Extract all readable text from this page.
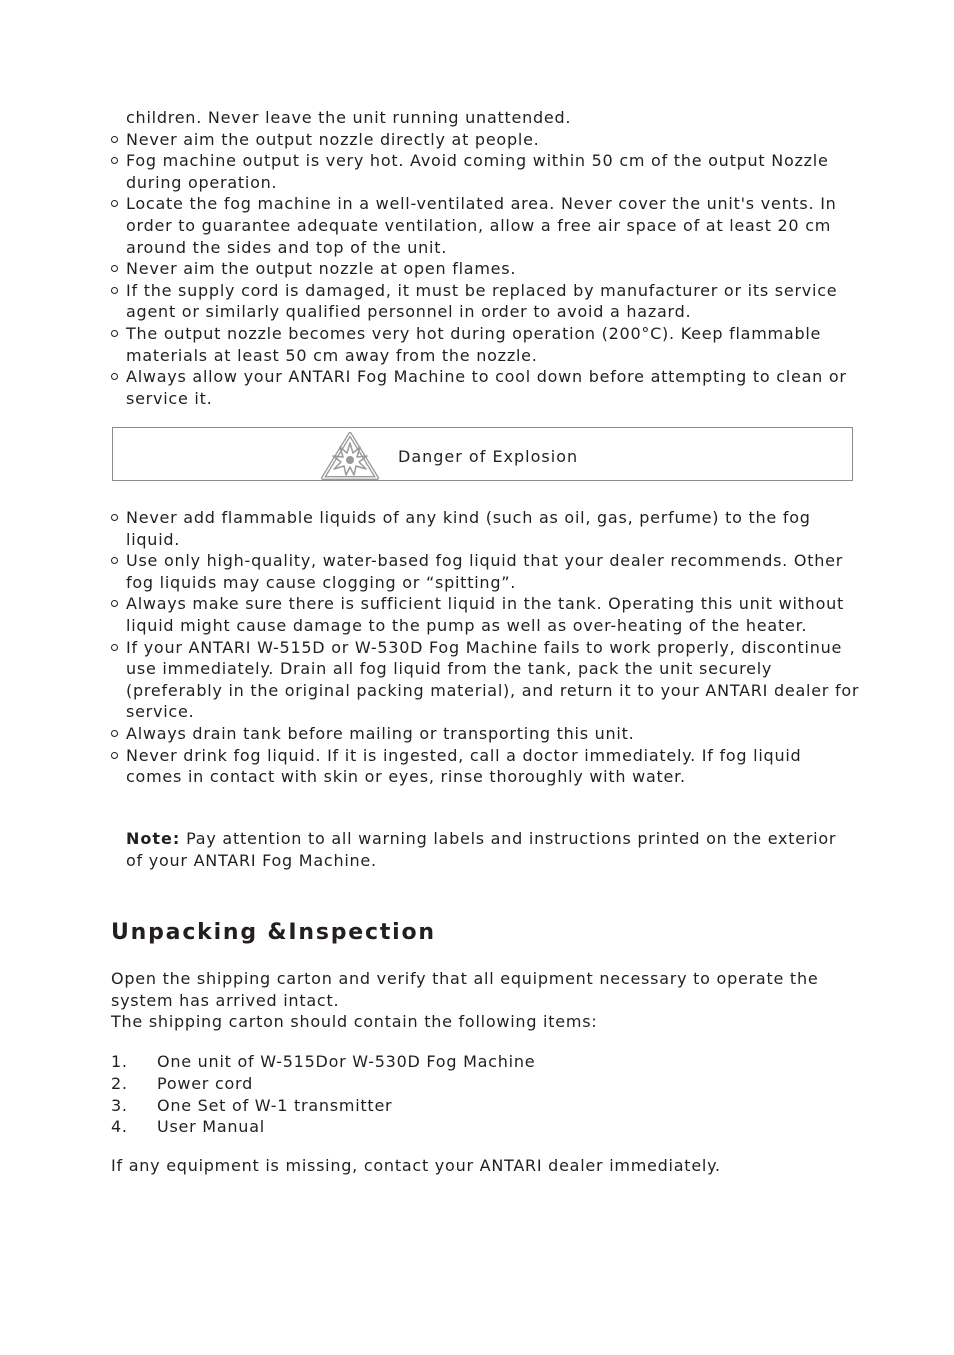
children. Never leave the unit running unattended.
Never aim the output nozzle directly at people.
Fog machine output is very hot. Avoid coming within 50 cm of the output Nozzle during operation.
Locate the fog machine in a well-ventilated area. Never cover the unit's vents. In order to guarantee adequate ventilation, allow a free air space of at least 20 cm around the sides and top of the unit.
Never aim the output nozzle at open flames.
If the supply cord is damaged, it must be replaced by manufacturer or its service agent or similarly qualified personnel in order to avoid a hazard.
The output nozzle becomes very hot during operation (200°C). Keep flammable materials at least 50 cm away from the nozzle.
Always allow your ANTARI Fog Machine to cool down before attempting to clean or service it.
Danger of Explosion
Never add flammable liquids of any kind (such as oil, gas, perfume) to the fog liquid.
Use only high-quality, water-based fog liquid that your dealer recommends. Other fog liquids may cause clogging or “spitting”.
Always make sure there is sufficient liquid in the tank. Operating this unit without liquid might cause damage to the pump as well as over-heating of the heater.
If your ANTARI W-515D or W-530D Fog Machine fails to work properly, discontinue use immediately. Drain all fog liquid from the tank, pack the unit securely (preferably in the original packing material), and return it to your ANTARI dealer for service.
Always drain tank before mailing or transporting this unit.
Never drink fog liquid. If it is ingested, call a doctor immediately. If fog liquid comes in contact with skin or eyes, rinse thoroughly with water.
Note: Pay attention to all warning labels and instructions printed on the exterior of your ANTARI Fog Machine.
Unpacking &Inspection
Open the shipping carton and verify that all equipment necessary to operate the system has arrived intact.
The shipping carton should contain the following items:
1.	One unit of W-515Dor W-530D Fog Machine
2.	Power cord
3.	One Set of W-1 transmitter
4.	User Manual
If any equipment is missing, contact your ANTARI dealer immediately.
